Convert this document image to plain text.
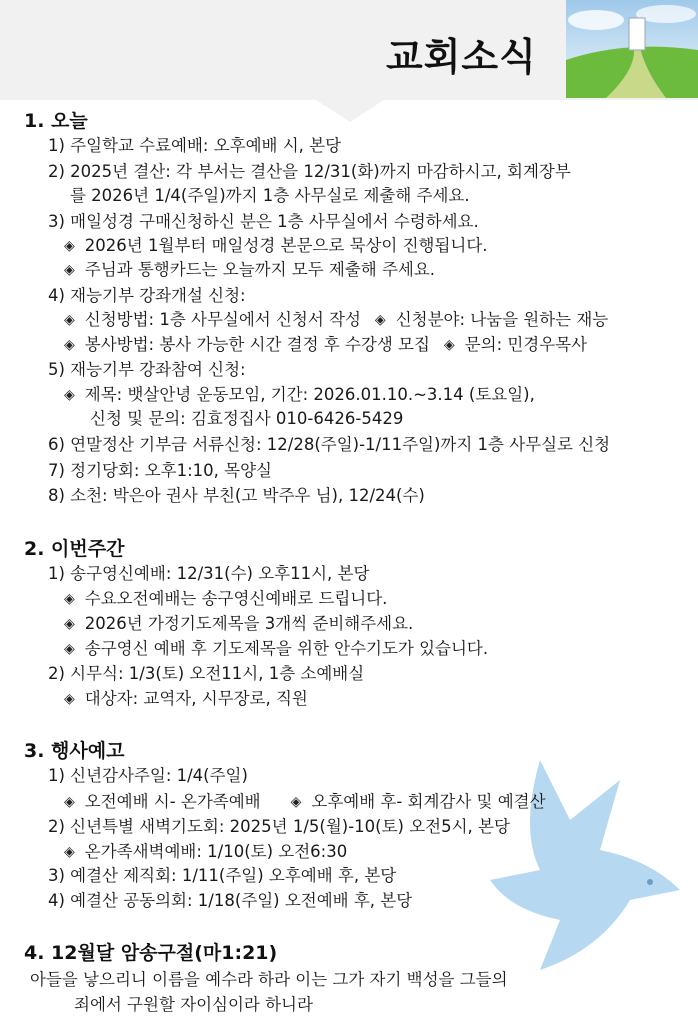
교회소식
1. 오늘
1) 주일학교 수료예배: 오후예배 시, 본당
2) 2025년 결산: 각 부서는 결산을 12/31(화)까지 마감하시고, 회계장부
를 2026년 1/4(주일)까지 1층 사무실로 제출해 주세요.
3) 매일성경 구매신청하신 분은 1층 사무실에서 수령하세요.
◈ 2026년 1월부터 매일성경 본문으로 묵상이 진행됩니다.
◈ 주님과 통행카드는 오늘까지 모두 제출해 주세요.
4) 재능기부 강좌개설 신청:
◈ 신청방법: 1층 사무실에서 신청서 작성 ◈ 신청분야: 나눔을 원하는 재능
◈ 봉사방법: 봉사 가능한 시간 결정 후 수강생 모집 ◈ 문의: 민경우목사
5) 재능기부 강좌참여 신청:
◈ 제목: 뱃살안녕 운동모임, 기간: 2026.01.10.~3.14 (토요일),
신청 및 문의: 김효정집사 010-6426-5429
6) 연말정산 기부금 서류신청: 12/28(주일)-1/11주일)까지 1층 사무실로 신청
7) 정기당회: 오후1:10, 목양실
8) 소천: 박은아 권사 부친(고 박주우 님), 12/24(수)
2. 이번주간
1) 송구영신예배: 12/31(수) 오후11시, 본당
◈ 수요오전예배는 송구영신예배로 드립니다.
◈ 2026년 가정기도제목을 3개씩 준비해주세요.
◈ 송구영신 예배 후 기도제목을 위한 안수기도가 있습니다.
2) 시무식: 1/3(토) 오전11시, 1층 소예배실
◈ 대상자: 교역자, 시무장로, 직원
3. 행사예고
1) 신년감사주일: 1/4(주일)
◈ 오전예배 시- 온가족예배 ◈ 오후예배 후- 회계감사 및 예결산
2) 신년특별 새벽기도회: 2025년 1/5(월)-10(토) 오전5시, 본당
◈ 온가족새벽예배: 1/10(토) 오전6:30
3) 예결산 제직회: 1/11(주일) 오후예배 후, 본당
4) 예결산 공동의회: 1/18(주일) 오전예배 후, 본당
4. 12월달 암송구절(마1:21)
아들을 낳으리니 이름을 예수라 하라 이는 그가 자기 백성을 그들의
죄에서 구원할 자이심이라 하니라
